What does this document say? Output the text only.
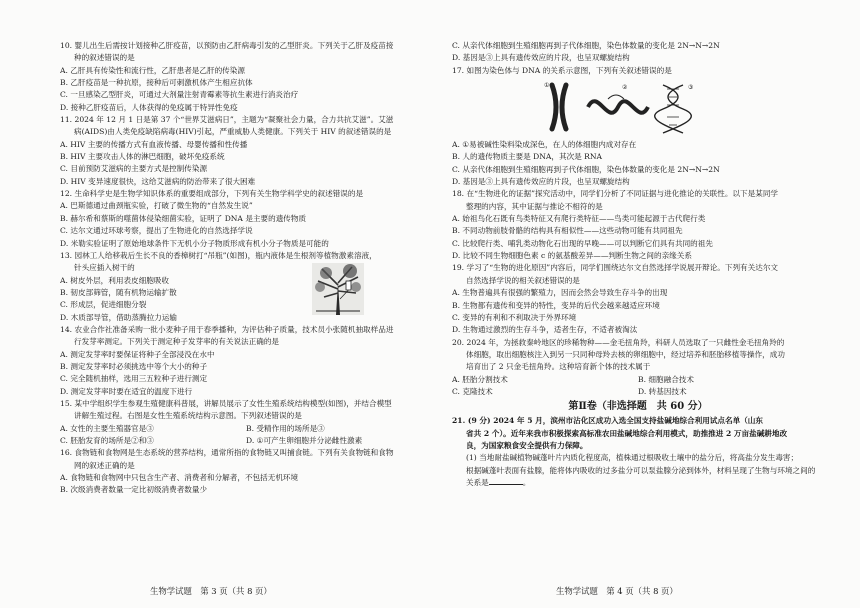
10. 婴儿出生后需按计划接种乙肝疫苗，以预防由乙肝病毒引发的乙型肝炎。下列关于乙肝及疫苗接
种的叙述错误的是
A. 乙肝具有传染性和流行性，乙肝患者是乙肝的传染源
B. 乙肝疫苗是一种抗原，接种后可刺激机体产生相应抗体
C. 一旦感染乙型肝炎，可通过大剂量注射青霉素等抗生素进行消炎治疗
D. 接种乙肝疫苗后，人体获得的免疫属于特异性免疫
11. 2024 年 12 月 1 日是第 37 个“世界艾滋病日”，主题为“凝聚社会力量，合力共抗艾滋”。艾滋
病(AIDS)由人类免疫缺陷病毒(HIV)引起，严重威胁人类健康。下列关于 HIV 的叙述错误的是
A. HIV 主要的传播方式有血液传播、母婴传播和性传播
B. HIV 主要攻击人体的淋巴细胞，破坏免疫系统
C. 目前预防艾滋病的主要方式是控制传染源
D. HIV 变异速度很快，这给艾滋病的防治带来了很大困难
12. 生命科学史是生物学知识体系的重要组成部分，下列有关生物学科学史的叙述错误的是
A. 巴斯德通过曲颈瓶实验，打破了微生物的“自然发生说”
B. 赫尔希和蔡斯的噬菌体侵染细菌实验，证明了 DNA 是主要的遗传物质
C. 达尔文通过环球考察，提出了生物进化的自然选择学说
D. 米勒实验证明了原始地球条件下无机小分子物质形成有机小分子物质是可能的
13. 园林工人给移栽后生长不良的香樟树打“吊瓶”(如图)，瓶内液体是生根剂等植物激素溶液，
针头应插入树干的
A. 树皮外层，利用表皮细胞吸收
B. 韧皮部筛管，随有机物运输扩散
C. 形成层，促进细胞分裂
D. 木质部导管，借助蒸腾拉力运输
14. 农业合作社准备采购一批小麦种子用于春季播种，为评估种子质量，技术员小张随机抽取样品进
行发芽率测定。下列关于测定种子发芽率的有关说法正确的是
A. 测定发芽率时要保证将种子全部浸没在水中
B. 测定发芽率时必须挑选中等个大小的种子
C. 完全随机抽样，选用三五粒种子进行测定
D. 测定发芽率时要在适宜的温度下进行
15. 某中学组织学生参观生殖健康科普展，讲解员展示了女性生殖系统结构模型(如图)，并结合模型
讲解生殖过程。右图是女性生殖系统结构示意图。下列叙述错误的是
A. 女性的主要生殖器官是③	B. 受精作用的场所是③
C. 胚胎发育的场所是②和③	D. ①可产生卵细胞并分泌雌性激素
16. 食物链和食物网是生态系统的营养结构，通常所指的食物链又叫捕食链。下列有关食物链和食物
网的叙述正确的是
A. 食物链和食物网中只包含生产者、消费者和分解者，不包括无机环境
B. 次级消费者数量一定比初级消费者数量少
C. 从亲代体细胞到生殖细胞再到子代体细胞，染色体数量的变化是 2N→N→2N
D. 基因是③上具有遗传效应的片段，也呈双螺旋结构
17. 如图为染色体与 DNA 的关系示意图，下列有关叙述错误的是
①	②	③
A. ①易被碱性染料染成深色，在人的体细胞内成对存在
B. 人的遗传物质主要是 DNA，其次是 RNA
C. 从亲代体细胞到生殖细胞再到子代体细胞，染色体数量的变化是 2N→N→2N
D. 基因是③上具有遗传效应的片段，也呈双螺旋结构
18. 在“生物进化的证据”探究活动中，同学们分析了不同证据与进化推论的关联性。以下是某同学
整理的内容，其中证据与推论不相符的是
A. 始祖鸟化石既有鸟类特征又有爬行类特征——鸟类可能起源于古代爬行类
B. 不同动物前肢骨骼的结构具有相似性——这些动物可能有共同祖先
C. 比较爬行类、哺乳类动物化石出现的早晚——可以判断它们具有共同的祖先
D. 比较不同生物细胞色素 c 的氨基酸差异——判断生物之间的亲缘关系
19. 学习了“生物的进化原因”内容后，同学们围绕达尔文自然选择学说展开辩论。下列有关达尔文
自然选择学说的相关叙述错误的是
A. 生物普遍具有很强的繁殖力，因而会然会导致生存斗争的出现
B. 生物都有遗传和变异的特性，变异的后代会越来越适应环境
C. 变异的有利和不利取决于外界环境
D. 生物通过激烈的生存斗争，适者生存，不适者被淘汰
20. 2024 年，为拯救秦岭地区的珍稀物种——金毛扭角羚，科研人员选取了一只雌性金毛扭角羚的
体细胞，取出细胞核注入到另一只同种母羚去核的卵细胞中，经过培养和胚胎移植等操作，成功
培育出了 2 只金毛扭角羚。这种培育新个体的技术属于
A. 胚胎分割技术	B. 细胞融合技术
C. 克隆技术	D. 转基因技术
第Ⅱ卷（非选择题　共 60 分）
21. (9 分) 2024 年 5 月，滨州市沾化区成功入选全国支持盐碱地综合利用试点名单（山东
省共 2 个）。近年来我市积极探索高标准农田盐碱地综合利用模式，助推推进 2 万亩盐碱耕地改
良，为国家粮食安全提供有力保障。
(1) 当地耐盐碱植物碱蓬叶片内质化程度高，植株通过根吸收土壤中的盐分后，将高盐分发生毒害；
根据碱蓬叶表面有盐腺，能将体内吸收的过多盐分可以泵盐腺分泌到体外，材料呈现了生物与环境之间的
关系是	。
生物学试题　第 3 页（共 8 页）	生物学试题　第 4 页（共 8 页）
